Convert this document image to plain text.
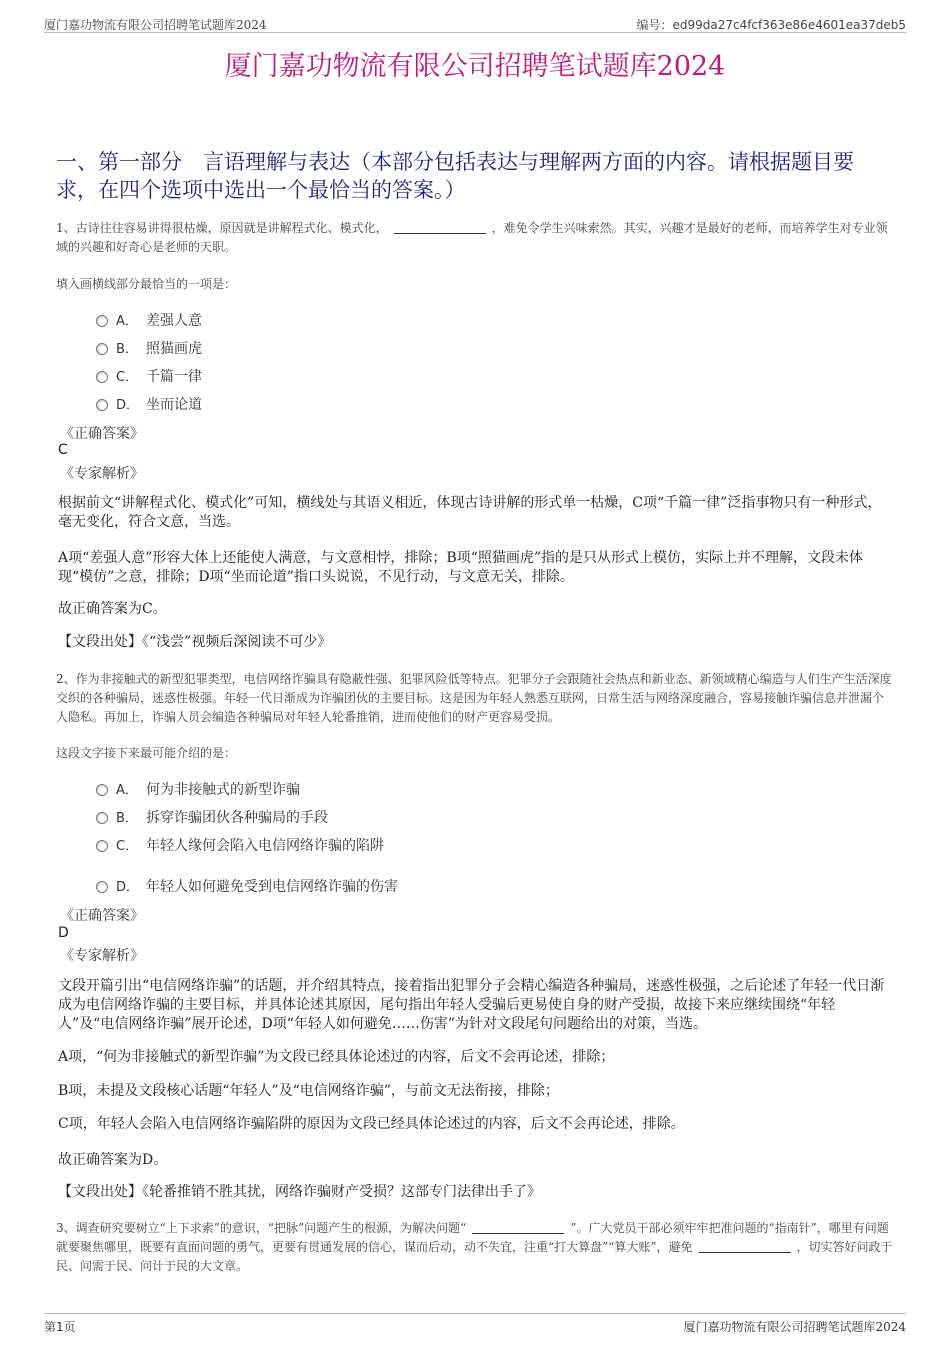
厦门嘉功物流有限公司招聘笔试题库2024	编号：ed99da27c4fcf363e86e4601ea37deb5
厦门嘉功物流有限公司招聘笔试题库2024
一、第一部分　言语理解与表达（本部分包括表达与理解两方面的内容。请根据题目要求，在四个选项中选出一个最恰当的答案。）
1、古诗往往容易讲得很枯燥，原因就是讲解程式化、模式化，	，难免令学生兴味索然。其实，兴趣才是最好的老师，而培养学生对专业领域的兴趣和好奇心是老师的天职。
填入画横线部分最恰当的一项是：
A． 差强人意
B． 照猫画虎
C． 千篇一律
D． 坐而论道
《正确答案》
C
《专家解析》
根据前文“讲解程式化、模式化”可知，横线处与其语义相近，体现古诗讲解的形式单一枯燥，C项“千篇一律”泛指事物只有一种形式，毫无变化，符合文意，当选。
A项“差强人意”形容大体上还能使人满意，与文意相悖，排除；B项“照猫画虎”指的是只从形式上模仿，实际上并不理解，文段未体现“模仿”之意，排除；D项“坐而论道”指口头说说，不见行动，与文意无关，排除。
故正确答案为C。
【文段出处】《“浅尝”视频后深阅读不可少》
2、作为非接触式的新型犯罪类型，电信网络诈骗具有隐蔽性强、犯罪风险低等特点。犯罪分子会跟随社会热点和新业态、新领域精心编造与人们生产生活深度交织的各种骗局，迷惑性极强。年轻一代日渐成为诈骗团伙的主要目标。这是因为年轻人熟悉互联网，日常生活与网络深度融合，容易接触诈骗信息并泄漏个人隐私。再加上，诈骗人员会编造各种骗局对年轻人轮番推销，进而使他们的财产更容易受损。
这段文字接下来最可能介绍的是：
A． 何为非接触式的新型诈骗
B． 拆穿诈骗团伙各种骗局的手段
C． 年轻人缘何会陷入电信网络诈骗的陷阱
D． 年轻人如何避免受到电信网络诈骗的伤害
《正确答案》
D
《专家解析》
文段开篇引出“电信网络诈骗”的话题，并介绍其特点，接着指出犯罪分子会精心编造各种骗局，迷惑性极强，之后论述了年轻一代日渐成为电信网络诈骗的主要目标，并具体论述其原因，尾句指出年轻人受骗后更易使自身的财产受损，故接下来应继续围绕“年轻人”及“电信网络诈骗”展开论述，D项“年轻人如何避免……伤害”为针对文段尾句问题给出的对策，当选。
A项，“何为非接触式的新型诈骗”为文段已经具体论述过的内容，后文不会再论述，排除；
B项，未提及文段核心话题“年轻人”及“电信网络诈骗”，与前文无法衔接，排除；
C项，年轻人会陷入电信网络诈骗陷阱的原因为文段已经具体论述过的内容，后文不会再论述，排除。
故正确答案为D。
【文段出处】《轮番推销不胜其扰，网络诈骗财产受损？这部专门法律出手了》
3、调查研究要树立“上下求索”的意识，“把脉”问题产生的根源，为解决问题“	”。广大党员干部必须牢牢把准问题的“指南针”，哪里有问题就要聚焦哪里，既要有直面问题的勇气，更要有贯通发展的信心，谋而后动，动不失宜，注重“打大算盘”“算大账”，避免	，切实答好问政于民、问需于民、问计于民的大文章。
第1页	厦门嘉功物流有限公司招聘笔试题库2024
